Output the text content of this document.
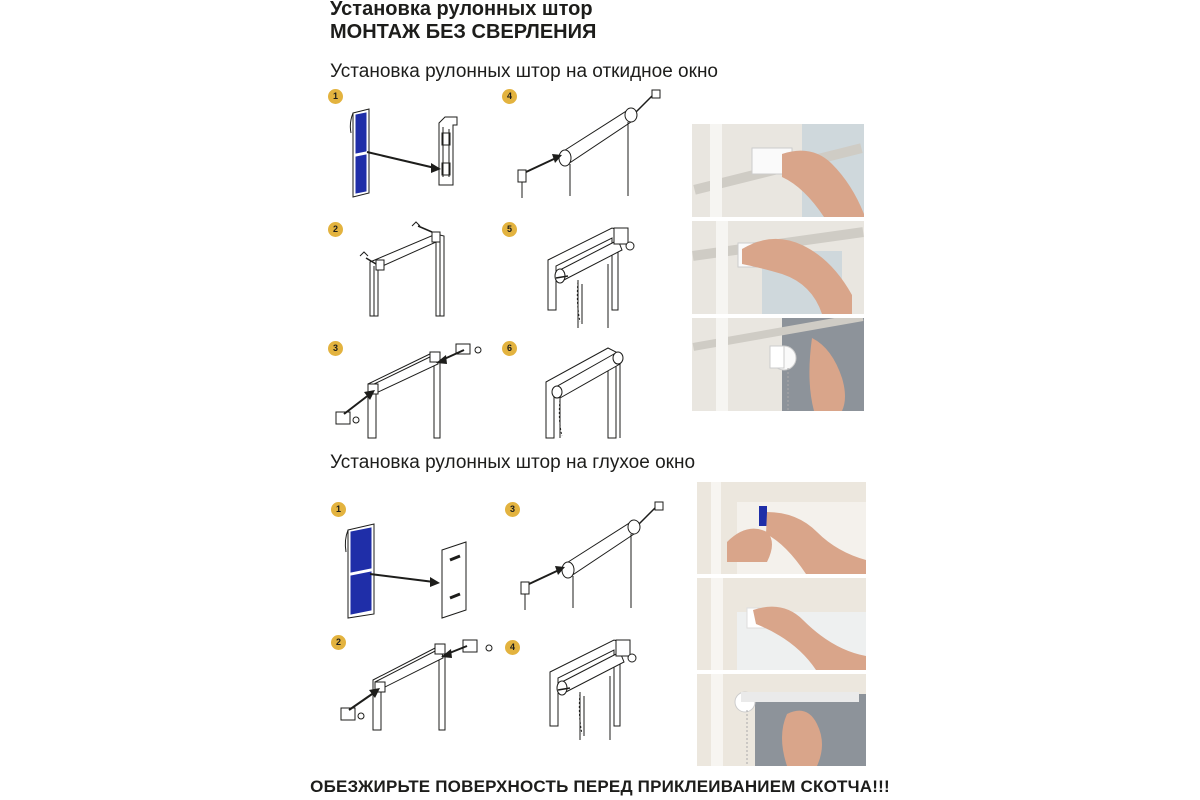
Установка рулонных штор
МОНТАЖ БЕЗ СВЕРЛЕНИЯ
Установка рулонных штор на откидное окно
1
2
3
4
5
6
Установка рулонных штор на глухое окно
1
2
3
4
ОБЕЗЖИРЬТЕ ПОВЕРХНОСТЬ ПЕРЕД ПРИКЛЕИВАНИЕМ СКОТЧА!!!
